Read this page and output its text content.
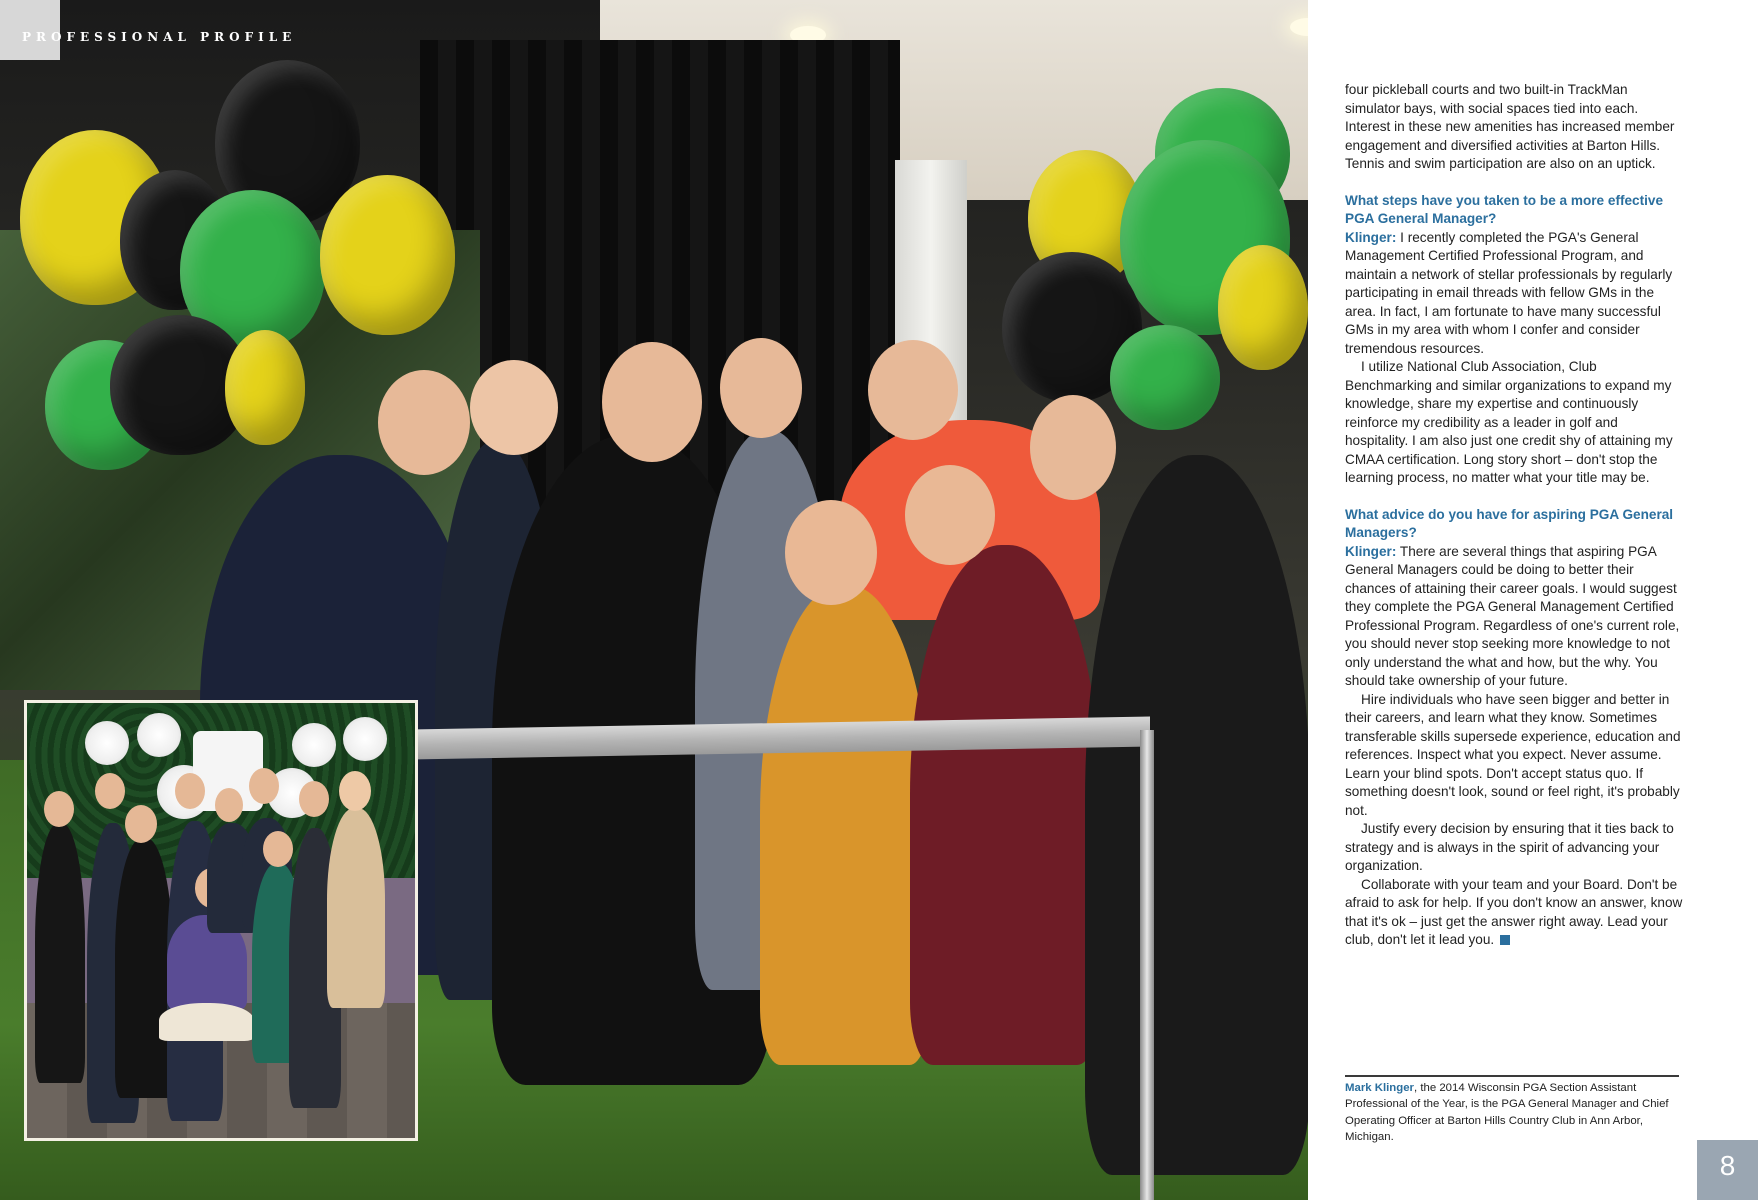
PROFESSIONAL PROFILE

four pickleball courts and two built-in TrackMan simulator bays, with social spaces tied into each. Interest in these new amenities has increased member engagement and diversified activities at Barton Hills. Tennis and swim participation are also on an uptick.

What steps have you taken to be a more effective PGA General Manager?

Klinger: I recently completed the PGA's General Management Certified Professional Program, and maintain a network of stellar professionals by regularly participating in email threads with fellow GMs in the area. In fact, I am fortunate to have many successful GMs in my area with whom I confer and consider tremendous resources.

I utilize National Club Association, Club Benchmarking and similar organizations to expand my knowledge, share my expertise and continuously reinforce my credibility as a leader in golf and hospitality. I am also just one credit shy of attaining my CMAA certification. Long story short – don't stop the learning process, no matter what your title may be.

What advice do you have for aspiring PGA General Managers?

Klinger: There are several things that aspiring PGA General Managers could be doing to better their chances of attaining their career goals. I would suggest they complete the PGA General Management Certified Professional Program. Regardless of one's current role, you should never stop seeking more knowledge to not only understand the what and how, but the why. You should take ownership of your future.

Hire individuals who have seen bigger and better in their careers, and learn what they know. Sometimes transferable skills supersede experience, education and references. Inspect what you expect. Never assume. Learn your blind spots. Don't accept status quo. If something doesn't look, sound or feel right, it's probably not.

Justify every decision by ensuring that it ties back to strategy and is always in the spirit of advancing your organization.

Collaborate with your team and your Board. Don't be afraid to ask for help. If you don't know an answer, know that it's ok – just get the answer right away. Lead your club, don't let it lead you.

Mark Klinger, the 2014 Wisconsin PGA Section Assistant Professional of the Year, is the PGA General Manager and Chief Operating Officer at Barton Hills Country Club in Ann Arbor, Michigan.
8
